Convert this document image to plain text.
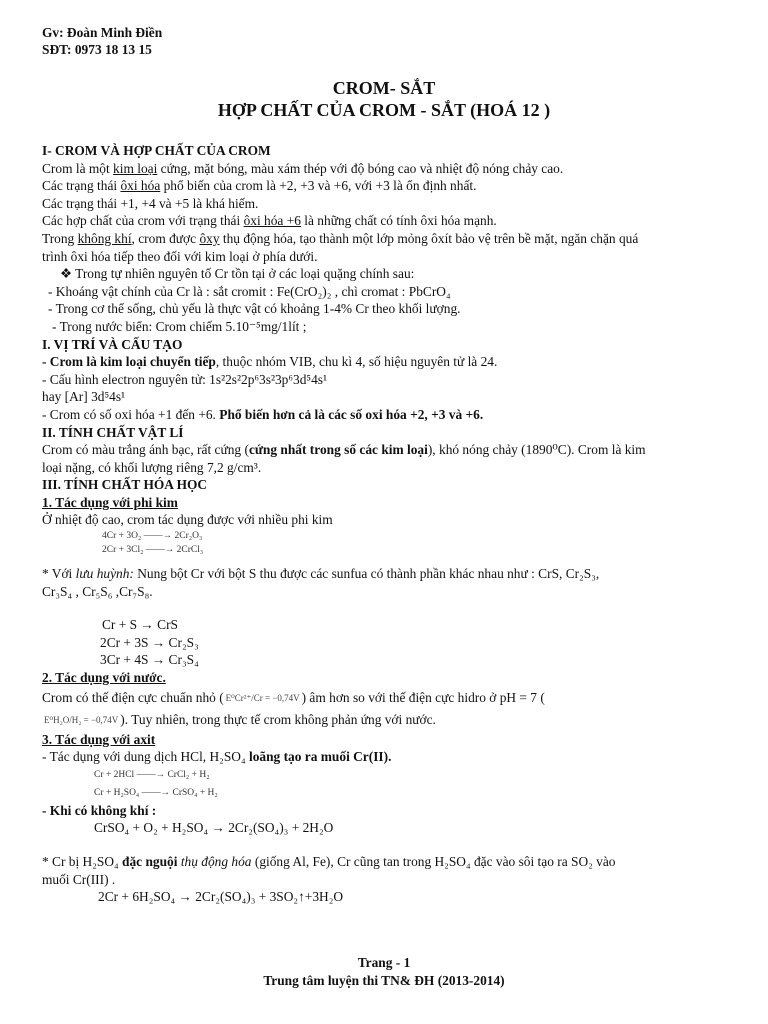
Gv: Đoàn Minh Điền
SĐT: 0973 18 13 15
CROM- SẮT
HỢP CHẤT CỦA CROM - SẮT (HOÁ 12 )

I- CROM VÀ HỢP CHẤT CỦA CROM

Crom là một kim loại cứng, mặt bóng, màu xám thép với độ bóng cao và nhiệt độ nóng chảy cao.

Các trạng thái ôxi hóa phổ biến của crom là +2, +3 và +6, với +3 là ổn định nhất.

Các trạng thái +1, +4 và +5 là khá hiếm.

Các hợp chất của crom với trạng thái ôxi hóa +6 là những chất có tính ôxi hóa mạnh.

Trong không khí, crom được ôxy thụ động hóa, tạo thành một lớp mỏng ôxít bảo vệ trên bề mặt, ngăn chặn quá

trình ôxi hóa tiếp theo đối với kim loại ở phía dưới.

❖ Trong tự nhiên nguyên tố Cr tồn tại ở các loại quặng chính sau:

- Khoáng vật chính của Cr là : sắt cromit : Fe(CrO₂)₂ , chì cromat : PbCrO₄

- Trong cơ thể sống, chủ yếu là thực vật có khoảng 1-4% Cr theo khối lượng.

- Trong nước biển: Crom chiếm 5.10⁻⁵mg/1lít ;

I. VỊ TRÍ VÀ CẤU TẠO

- Crom là kim loại chuyển tiếp, thuộc nhóm VIB, chu kì 4, số hiệu nguyên tử là 24.

- Cấu hình electron nguyên tử: 1s²2s²2p⁶3s²3p⁶3d⁵4s¹

hay [Ar] 3d⁵4s¹

- Crom có số oxi hóa +1 đến +6. Phổ biến hơn cả là các số oxi hóa +2, +3 và +6.

II. TÍNH CHẤT VẬT LÍ

Crom có màu trắng ánh bạc, rất cứng (cứng nhất trong số các kim loại), khó nóng chảy (1890⁰C). Crom là kim

loại nặng, có khối lượng riêng 7,2 g/cm³.

III. TÍNH CHẤT HÓA HỌC

1. Tác dụng với phi kim

Ở nhiệt độ cao, crom tác dụng được với nhiều phi kim

4Cr + 3O₂ ——→ 2Cr₂O₃

2Cr + 3Cl₂ ——→ 2CrCl₃

* Với lưu huỳnh: Nung bột Cr với bột S thu được các sunfua có thành phần khác nhau như : CrS, Cr₂S₃,

Cr₃S₄ , Cr₅S₆ ,Cr₇S₈.

Cr + S → CrS

2Cr + 3S → Cr₂S₃

3Cr + 4S → Cr₃S₄

2. Tác dụng với nước.

Crom có thế điện cực chuẩn nhỏ ( E⁰Cr²⁺/Cr = −0,74V ) âm hơn so với thế điện cực hidro ở pH = 7 (

E⁰H₂O/H₂ = −0,74V ). Tuy nhiên, trong thực tế crom không phản ứng với nước.

3. Tác dụng với axit

- Tác dụng với dung dịch HCl, H₂SO₄ loãng tạo ra muối Cr(II).

Cr + 2HCl ——→ CrCl₂ + H₂

Cr + H₂SO₄ ——→ CrSO₄ + H₂

- Khi có không khí :

CrSO₄ + O₂ + H₂SO₄ → 2Cr₂(SO₄)₃ + 2H₂O

* Cr bị H₂SO₄ đặc nguội thụ động hóa (giống Al, Fe), Cr cũng tan trong H₂SO₄ đặc vào sôi tạo ra SO₂ vào

muối Cr(III) .

2Cr + 6H₂SO₄ → 2Cr₂(SO₄)₃ + 3SO₂↑+3H₂O

Trang - 1
Trung tâm luyện thi TN& ĐH (2013-2014)
